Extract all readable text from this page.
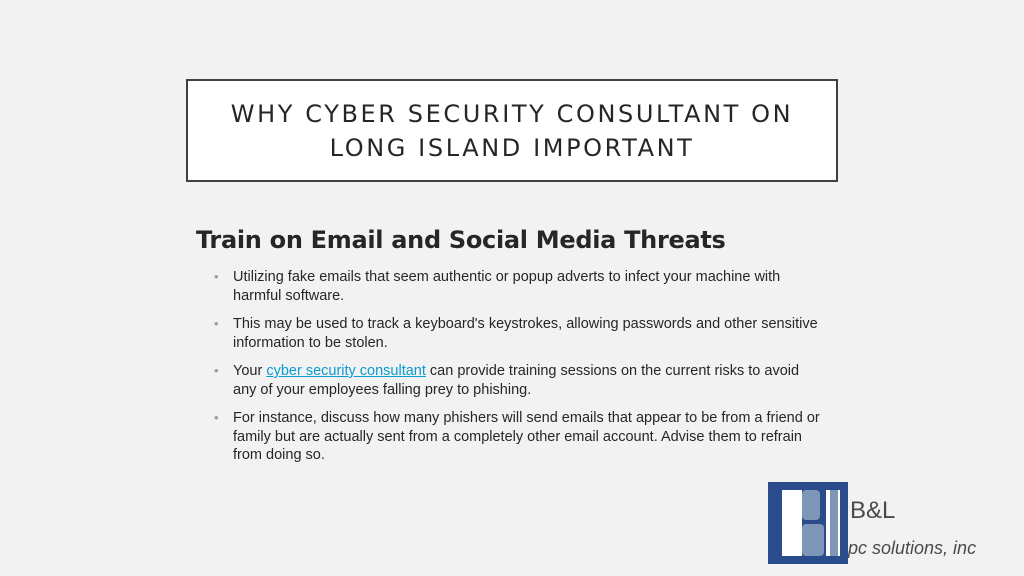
WHY CYBER SECURITY CONSULTANT ON
LONG ISLAND IMPORTANT
Train on Email and Social Media Threats
• Utilizing fake emails that seem authentic or popup adverts to infect your machine with harmful software.
• This may be used to track a keyboard's keystrokes, allowing passwords and other sensitive information to be stolen.
• Your cyber security consultant can provide training sessions on the current risks to avoid any of your employees falling prey to phishing.
• For instance, discuss how many phishers will send emails that appear to be from a friend or family but are actually sent from a completely other email account. Advise them to refrain from doing so.
B&L
pc solutions, inc
